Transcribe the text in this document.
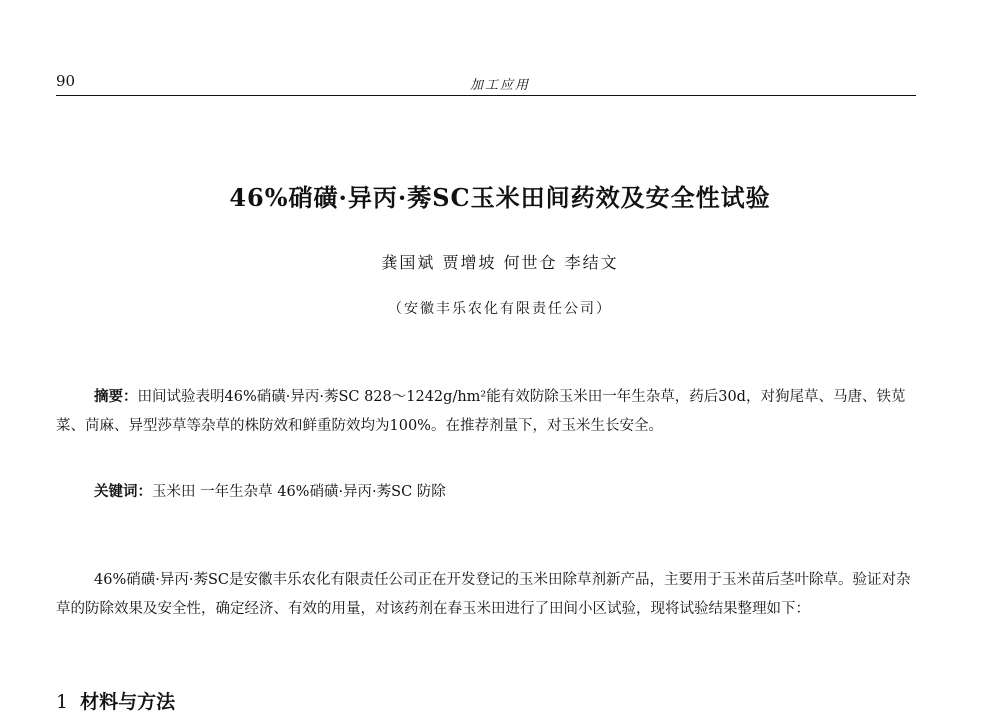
90	加工应用
46%硝磺·异丙·莠SC玉米田间药效及安全性试验
龚国斌 贾增坡 何世仓 李结文
（安徽丰乐农化有限责任公司）
摘要：田间试验表明46%硝磺·异丙·莠SC 828～1242g/hm²能有效防除玉米田一年生杂草，药后30d，对狗尾草、马唐、铁苋菜、苘麻、异型莎草等杂草的株防效和鲜重防效均为100%。在推荐剂量下，对玉米生长安全。
关键词：玉米田 一年生杂草 46%硝磺·异丙·莠SC 防除
46%硝磺·异丙·莠SC是安徽丰乐农化有限责任公司正在开发登记的玉米田除草剂新产品，主要用于玉米苗后茎叶除草。验证对杂草的防除效果及安全性，确定经济、有效的用量，对该药剂在春玉米田进行了田间小区试验，现将试验结果整理如下：
1 材料与方法
